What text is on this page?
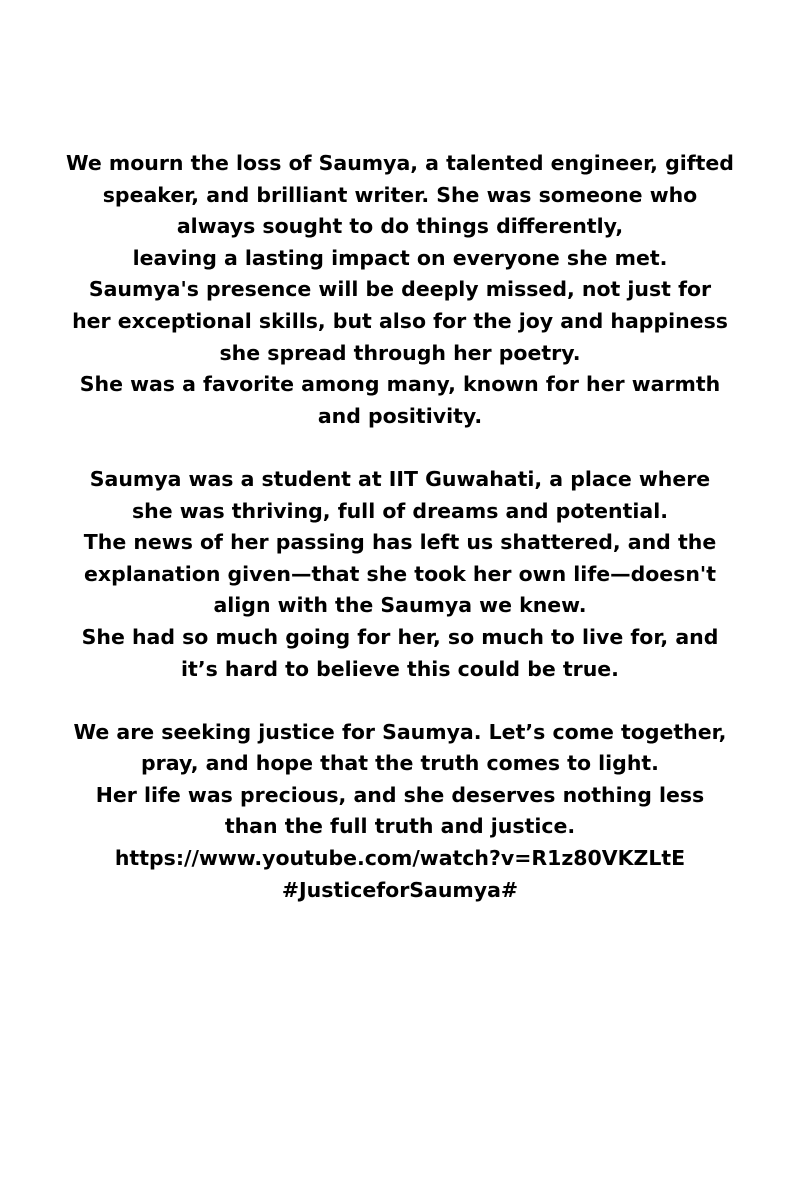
We mourn the loss of Saumya, a talented engineer, gifted
speaker, and brilliant writer. She was someone who
always sought to do things differently,
leaving a lasting impact on everyone she met.
Saumya's presence will be deeply missed, not just for
her exceptional skills, but also for the joy and happiness
she spread through her poetry.
She was a favorite among many, known for her warmth
and positivity.
Saumya was a student at IIT Guwahati, a place where
she was thriving, full of dreams and potential.
The news of her passing has left us shattered, and the
explanation given—that she took her own life—doesn't
align with the Saumya we knew.
She had so much going for her, so much to live for, and
it’s hard to believe this could be true.
We are seeking justice for Saumya. Let’s come together,
pray, and hope that the truth comes to light.
Her life was precious, and she deserves nothing less
than the full truth and justice.
https://www.youtube.com/watch?v=R1z80VKZLtE
#JusticeforSaumya#
